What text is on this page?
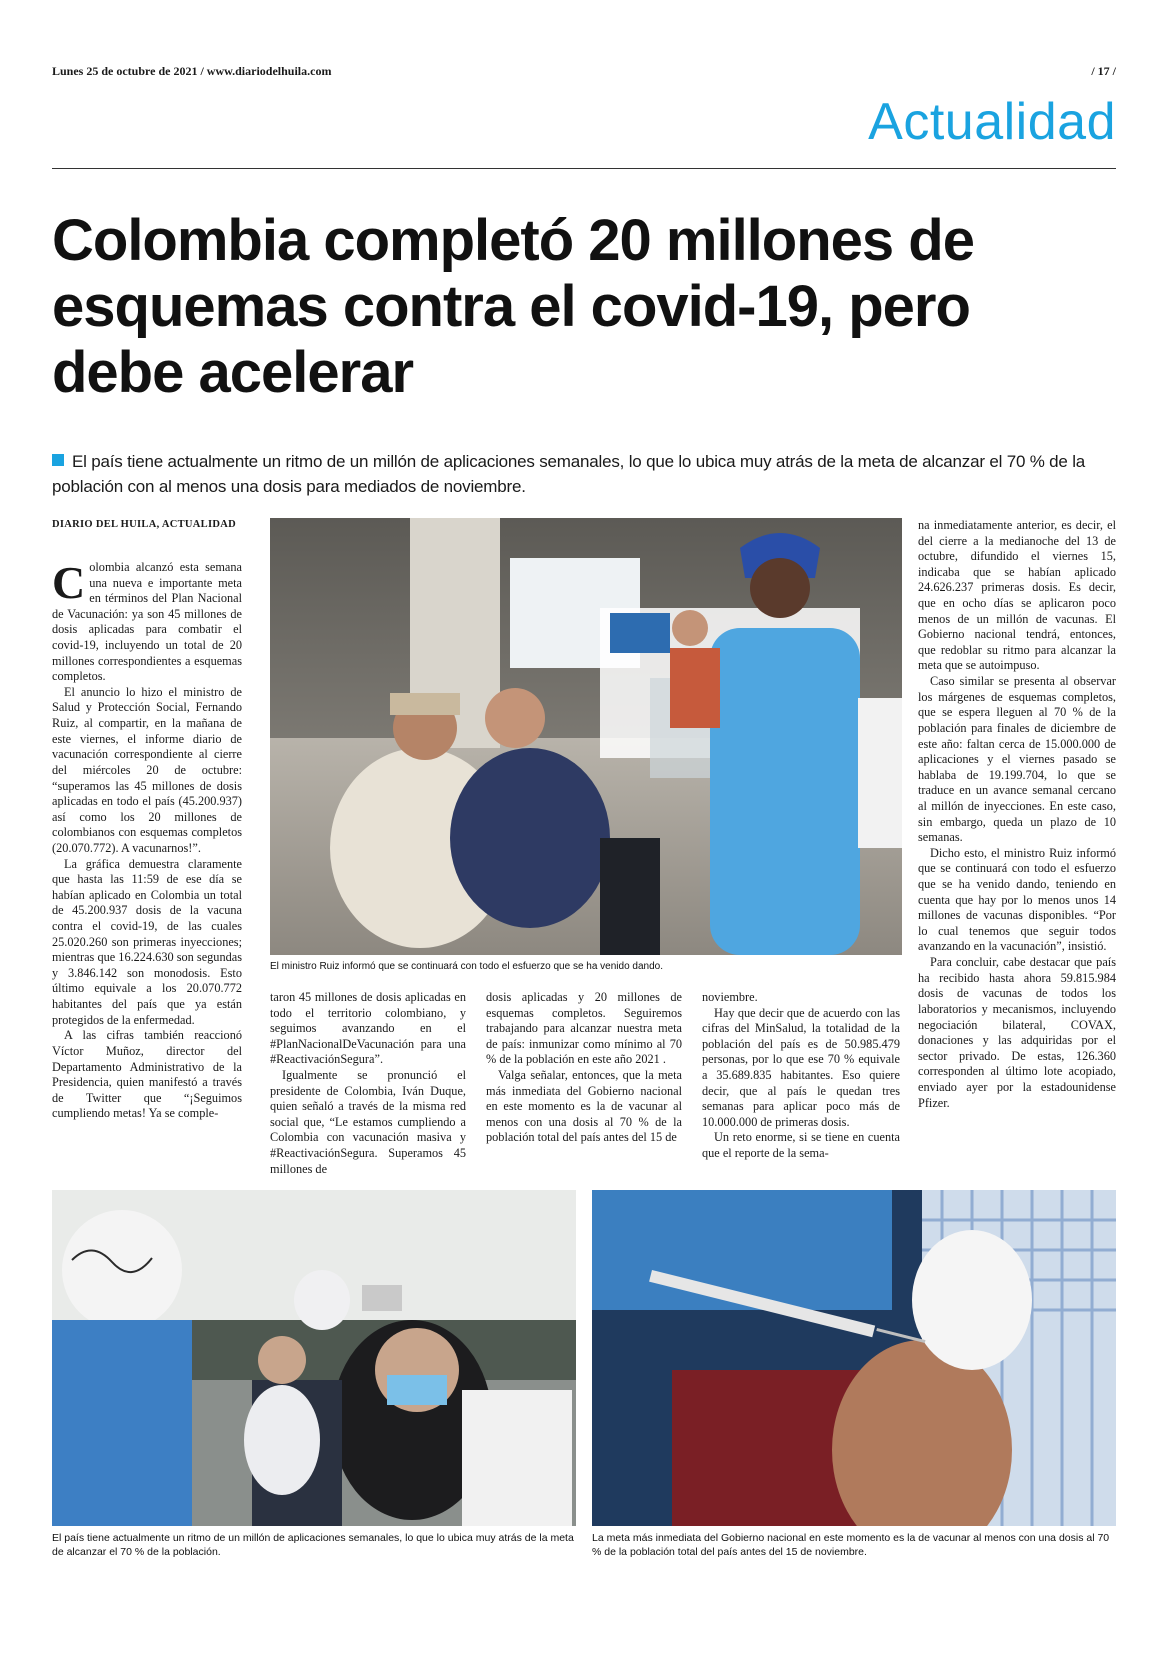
Lunes 25 de octubre de 2021 / www.diariodelhuila.com	/ 17 /
Actualidad
Colombia completó 20 millones de esquemas contra el covid-19, pero debe acelerar
El país tiene actualmente un ritmo de un millón de aplicaciones semanales, lo que lo ubica muy atrás de la meta de alcanzar el 70 % de la población con al menos una dosis para mediados de noviembre.
DIARIO DEL HUILA, ACTUALIDAD

Colombia alcanzó esta semana una nueva e importante meta en términos del Plan Nacional de Vacunación: ya son 45 millones de dosis aplicadas para combatir el covid-19, incluyendo un total de 20 millones correspondientes a esquemas completos.

El anuncio lo hizo el ministro de Salud y Protección Social, Fernando Ruiz, al compartir, en la mañana de este viernes, el informe diario de vacunación correspondiente al cierre del miércoles 20 de octubre: “superamos las 45 millones de dosis aplicadas en todo el país (45.200.937) así como los 20 millones de colombianos con esquemas completos (20.070.772). A vacunarnos!”.

La gráfica demuestra claramente que hasta las 11:59 de ese día se habían aplicado en Colombia un total de 45.200.937 dosis de la vacuna contra el covid-19, de las cuales 25.020.260 son primeras inyecciones; mientras que 16.224.630 son segundas y 3.846.142 son monodosis. Esto último equivale a los 20.070.772 habitantes del país que ya están protegidos de la enfermedad.

A las cifras también reaccionó Víctor Muñoz, director del Departamento Administrativo de la Presidencia, quien manifestó a través de Twitter que “¡Seguimos cumpliendo metas! Ya se comple-

El ministro Ruiz informó que se continuará con todo el esfuerzo que se ha venido dando.

taron 45 millones de dosis aplicadas en todo el territorio colombiano, y seguimos avanzando en el #PlanNacionalDeVacunación para una #ReactivaciónSegura”.

Igualmente se pronunció el presidente de Colombia, Iván Duque, quien señaló a través de la misma red social que, “Le estamos cumpliendo a Colombia con vacunación masiva y #ReactivaciónSegura. Superamos 45 millones de

dosis aplicadas y 20 millones de esquemas completos. Seguiremos trabajando para alcanzar nuestra meta de país: inmunizar como mínimo al 70 % de la población en este año 2021 .

Valga señalar, entonces, que la meta más inmediata del Gobierno nacional en este momento es la de vacunar al menos con una dosis al 70 % de la población total del país antes del 15 de

noviembre.

Hay que decir que de acuerdo con las cifras del MinSalud, la totalidad de la población del país es de 50.985.479 personas, por lo que ese 70 % equivale a 35.689.835 habitantes. Eso quiere decir, que al país le quedan tres semanas para aplicar poco más de 10.000.000 de primeras dosis.

Un reto enorme, si se tiene en cuenta que el reporte de la sema-

na inmediatamente anterior, es decir, el del cierre a la medianoche del 13 de octubre, difundido el viernes 15, indicaba que se habían aplicado 24.626.237 primeras dosis. Es decir, que en ocho días se aplicaron poco menos de un millón de vacunas. El Gobierno nacional tendrá, entonces, que redoblar su ritmo para alcanzar la meta que se autoimpuso.

Caso similar se presenta al observar los márgenes de esquemas completos, que se espera lleguen al 70 % de la población para finales de diciembre de este año: faltan cerca de 15.000.000 de aplicaciones y el viernes pasado se hablaba de 19.199.704, lo que se traduce en un avance semanal cercano al millón de inyecciones. En este caso, sin embargo, queda un plazo de 10 semanas.

Dicho esto, el ministro Ruiz informó que se continuará con todo el esfuerzo que se ha venido dando, teniendo en cuenta que hay por lo menos unos 14 millones de vacunas disponibles. “Por lo cual tenemos que seguir todos avanzando en la vacunación”, insistió.

Para concluir, cabe destacar que país ha recibido hasta ahora 59.815.984 dosis de vacunas de todos los laboratorios y mecanismos, incluyendo negociación bilateral, COVAX, donaciones y las adquiridas por el sector privado. De estas, 126.360 corresponden al último lote acopiado, enviado ayer por la estadounidense Pfizer.

El país tiene actualmente un ritmo de un millón de aplicaciones semanales, lo que lo ubica muy atrás de la meta de alcanzar el 70 % de la población.
La meta más inmediata del Gobierno nacional en este momento es la de vacunar al menos con una dosis al 70 % de la población total del país antes del 15 de noviembre.
